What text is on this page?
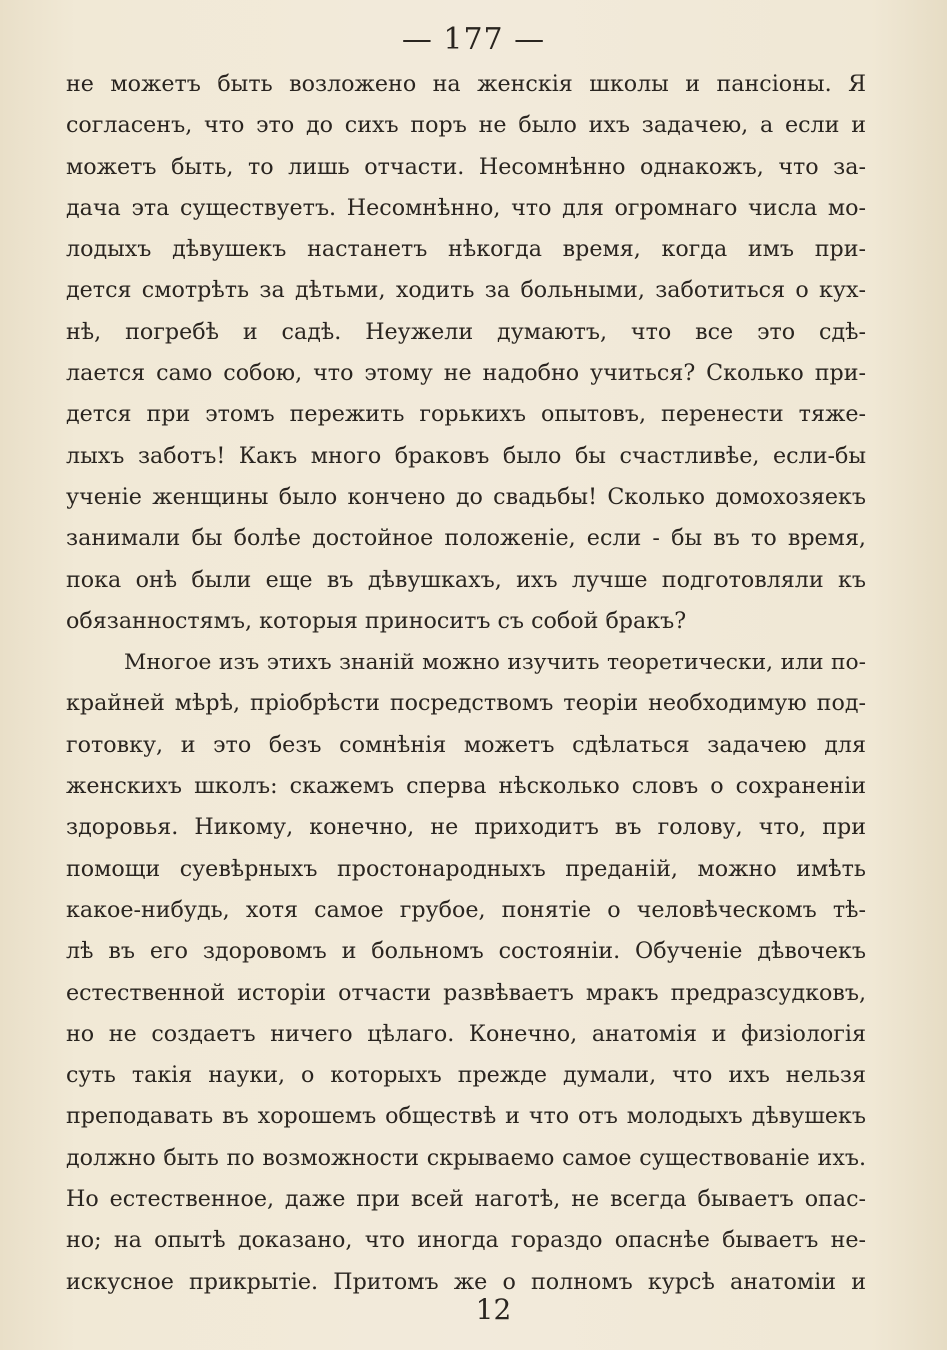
— 177 —
не можетъ быть возложено на женскія школы и пансіоны. Я
согласенъ, что это до сихъ поръ не было ихъ задачею, а если и
можетъ быть, то лишь отчасти. Несомнѣнно однакожъ, что за-
дача эта существуетъ. Несомнѣнно, что для огромнаго числа мо-
лодыхъ дѣвушекъ настанетъ нѣкогда время, когда имъ при-
дется смотрѣть за дѣтьми, ходить за больными, заботиться о кух-
нѣ, погребѣ и садѣ. Неужели думаютъ, что все это сдѣ-
лается само собою, что этому не надобно учиться? Сколько при-
дется при этомъ пережить горькихъ опытовъ, перенести тяже-
лыхъ заботъ! Какъ много браковъ было бы счастливѣе, если-бы
ученіе женщины было кончено до свадьбы! Сколько домохозяекъ
занимали бы болѣе достойное положеніе, если - бы въ то время,
пока онѣ были еще въ дѣвушкахъ, ихъ лучше подготовляли къ
обязанностямъ, которыя приноситъ съ собой бракъ?
Многое изъ этихъ знаній можно изучить теоретически, или по-
крайней мѣрѣ, пріобрѣсти посредствомъ теоріи необходимую под-
готовку, и это безъ сомнѣнія можетъ сдѣлаться задачею для
женскихъ школъ: скажемъ сперва нѣсколько словъ о сохраненіи
здоровья. Никому, конечно, не приходитъ въ голову, что, при
помощи суевѣрныхъ простонародныхъ преданій, можно имѣть
какое-нибудь, хотя самое грубое, понятіе о человѣческомъ тѣ-
лѣ въ его здоровомъ и больномъ состояніи. Обученіе дѣвочекъ
естественной исторіи отчасти развѣваетъ мракъ предразсудковъ,
но не создаетъ ничего цѣлаго. Конечно, анатомія и физіологія
суть такія науки, о которыхъ прежде думали, что ихъ нельзя
преподавать въ хорошемъ обществѣ и что отъ молодыхъ дѣвушекъ
должно быть по возможности скрываемо самое существованіе ихъ.
Но естественное, даже при всей наготѣ, не всегда бываетъ опас-
но; на опытѣ доказано, что иногда гораздо опаснѣе бываетъ не-
искусное прикрытіе. Притомъ же о полномъ курсѣ анатоміи и
12
